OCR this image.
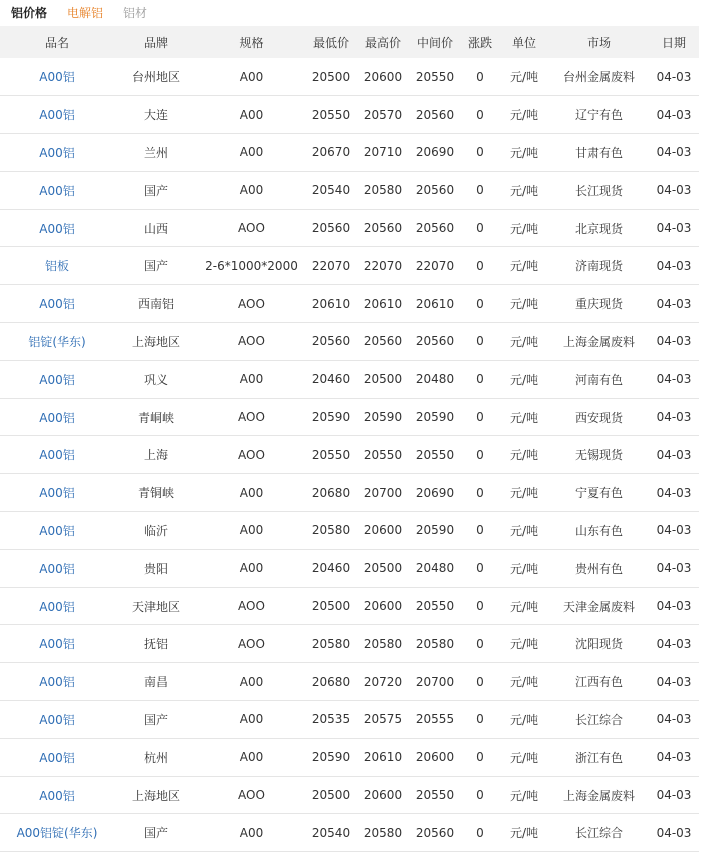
铝价格 电解铝 铝材
品名	品牌	规格	最低价	最高价	中间价	涨跌	单位	市场	日期
A00铝	台州地区	A00	20500	20600	20550	0	元/吨	台州金属废料	04-03
A00铝	大连	A00	20550	20570	20560	0	元/吨	辽宁有色	04-03
A00铝	兰州	A00	20670	20710	20690	0	元/吨	甘肃有色	04-03
A00铝	国产	A00	20540	20580	20560	0	元/吨	长江现货	04-03
A00铝	山西	AOO	20560	20560	20560	0	元/吨	北京现货	04-03
铝板	国产	2-6*1000*2000	22070	22070	22070	0	元/吨	济南现货	04-03
A00铝	西南铝	AOO	20610	20610	20610	0	元/吨	重庆现货	04-03
铝锭(华东)	上海地区	AOO	20560	20560	20560	0	元/吨	上海金属废料	04-03
A00铝	巩义	A00	20460	20500	20480	0	元/吨	河南有色	04-03
A00铝	青峒峡	AOO	20590	20590	20590	0	元/吨	西安现货	04-03
A00铝	上海	AOO	20550	20550	20550	0	元/吨	无锡现货	04-03
A00铝	青铜峡	A00	20680	20700	20690	0	元/吨	宁夏有色	04-03
A00铝	临沂	A00	20580	20600	20590	0	元/吨	山东有色	04-03
A00铝	贵阳	A00	20460	20500	20480	0	元/吨	贵州有色	04-03
A00铝	天津地区	AOO	20500	20600	20550	0	元/吨	天津金属废料	04-03
A00铝	抚铝	AOO	20580	20580	20580	0	元/吨	沈阳现货	04-03
A00铝	南昌	A00	20680	20720	20700	0	元/吨	江西有色	04-03
A00铝	国产	A00	20535	20575	20555	0	元/吨	长江综合	04-03
A00铝	杭州	A00	20590	20610	20600	0	元/吨	浙江有色	04-03
A00铝	上海地区	AOO	20500	20600	20550	0	元/吨	上海金属废料	04-03
A00铝锭(华东)	国产	A00	20540	20580	20560	0	元/吨	长江综合	04-03
